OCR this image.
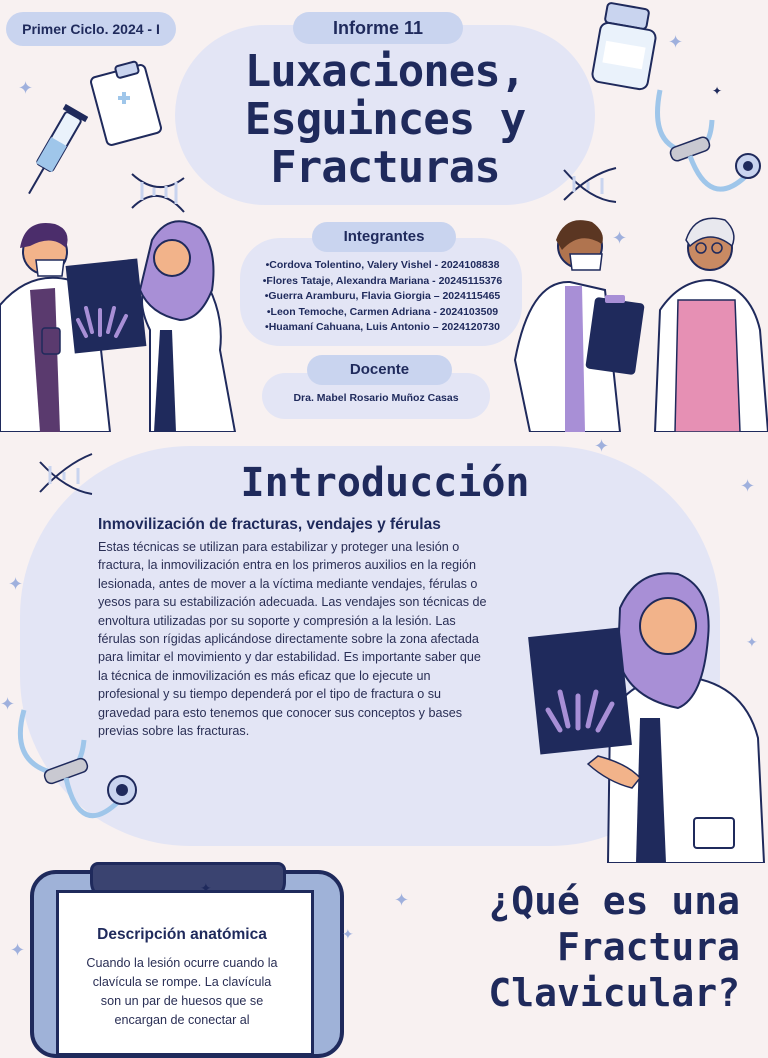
Primer Ciclo. 2024 - I	Informe 11
Luxaciones,
Esguinces y
Fracturas
Integrantes
•Cordova Tolentino, Valery Vishel - 2024108838
•Flores Tataje, Alexandra Mariana - 20245115376
•Guerra Aramburu, Flavia Giorgia – 2024115465
•Leon Temoche, Carmen Adriana - 2024103509
•Huamaní Cahuana, Luis Antonio – 2024120730
Docente
Dra. Mabel Rosario Muñoz Casas
Introducción
Inmovilización de fracturas, vendajes y férulas
Estas técnicas se utilizan para estabilizar y proteger una lesión o fractura, la inmovilización entra en los primeros auxilios en la región lesionada, antes de mover a la víctima mediante vendajes, férulas o yesos para su estabilización adecuada. Las vendajes son técnicas de envoltura utilizadas por su soporte y compresión a la lesión. Las férulas son rígidas aplicándose directamente sobre la zona afectada para limitar el movimiento y dar estabilidad. Es importante saber que la técnica de inmovilización es más eficaz que lo ejecute un profesional y su tiempo dependerá por el tipo de fractura o su gravedad para esto tenemos que conocer sus conceptos y bases previas sobre las fracturas.
Descripción anatómica
Cuando la lesión ocurre cuando la clavícula se rompe. La clavícula son un par de huesos que se encargan de conectar al
¿Qué es una
Fractura
Clavicular?
✦
✦
✦
✦
✦
✦
✦
✦
✦
✦
✦
✦
✦
